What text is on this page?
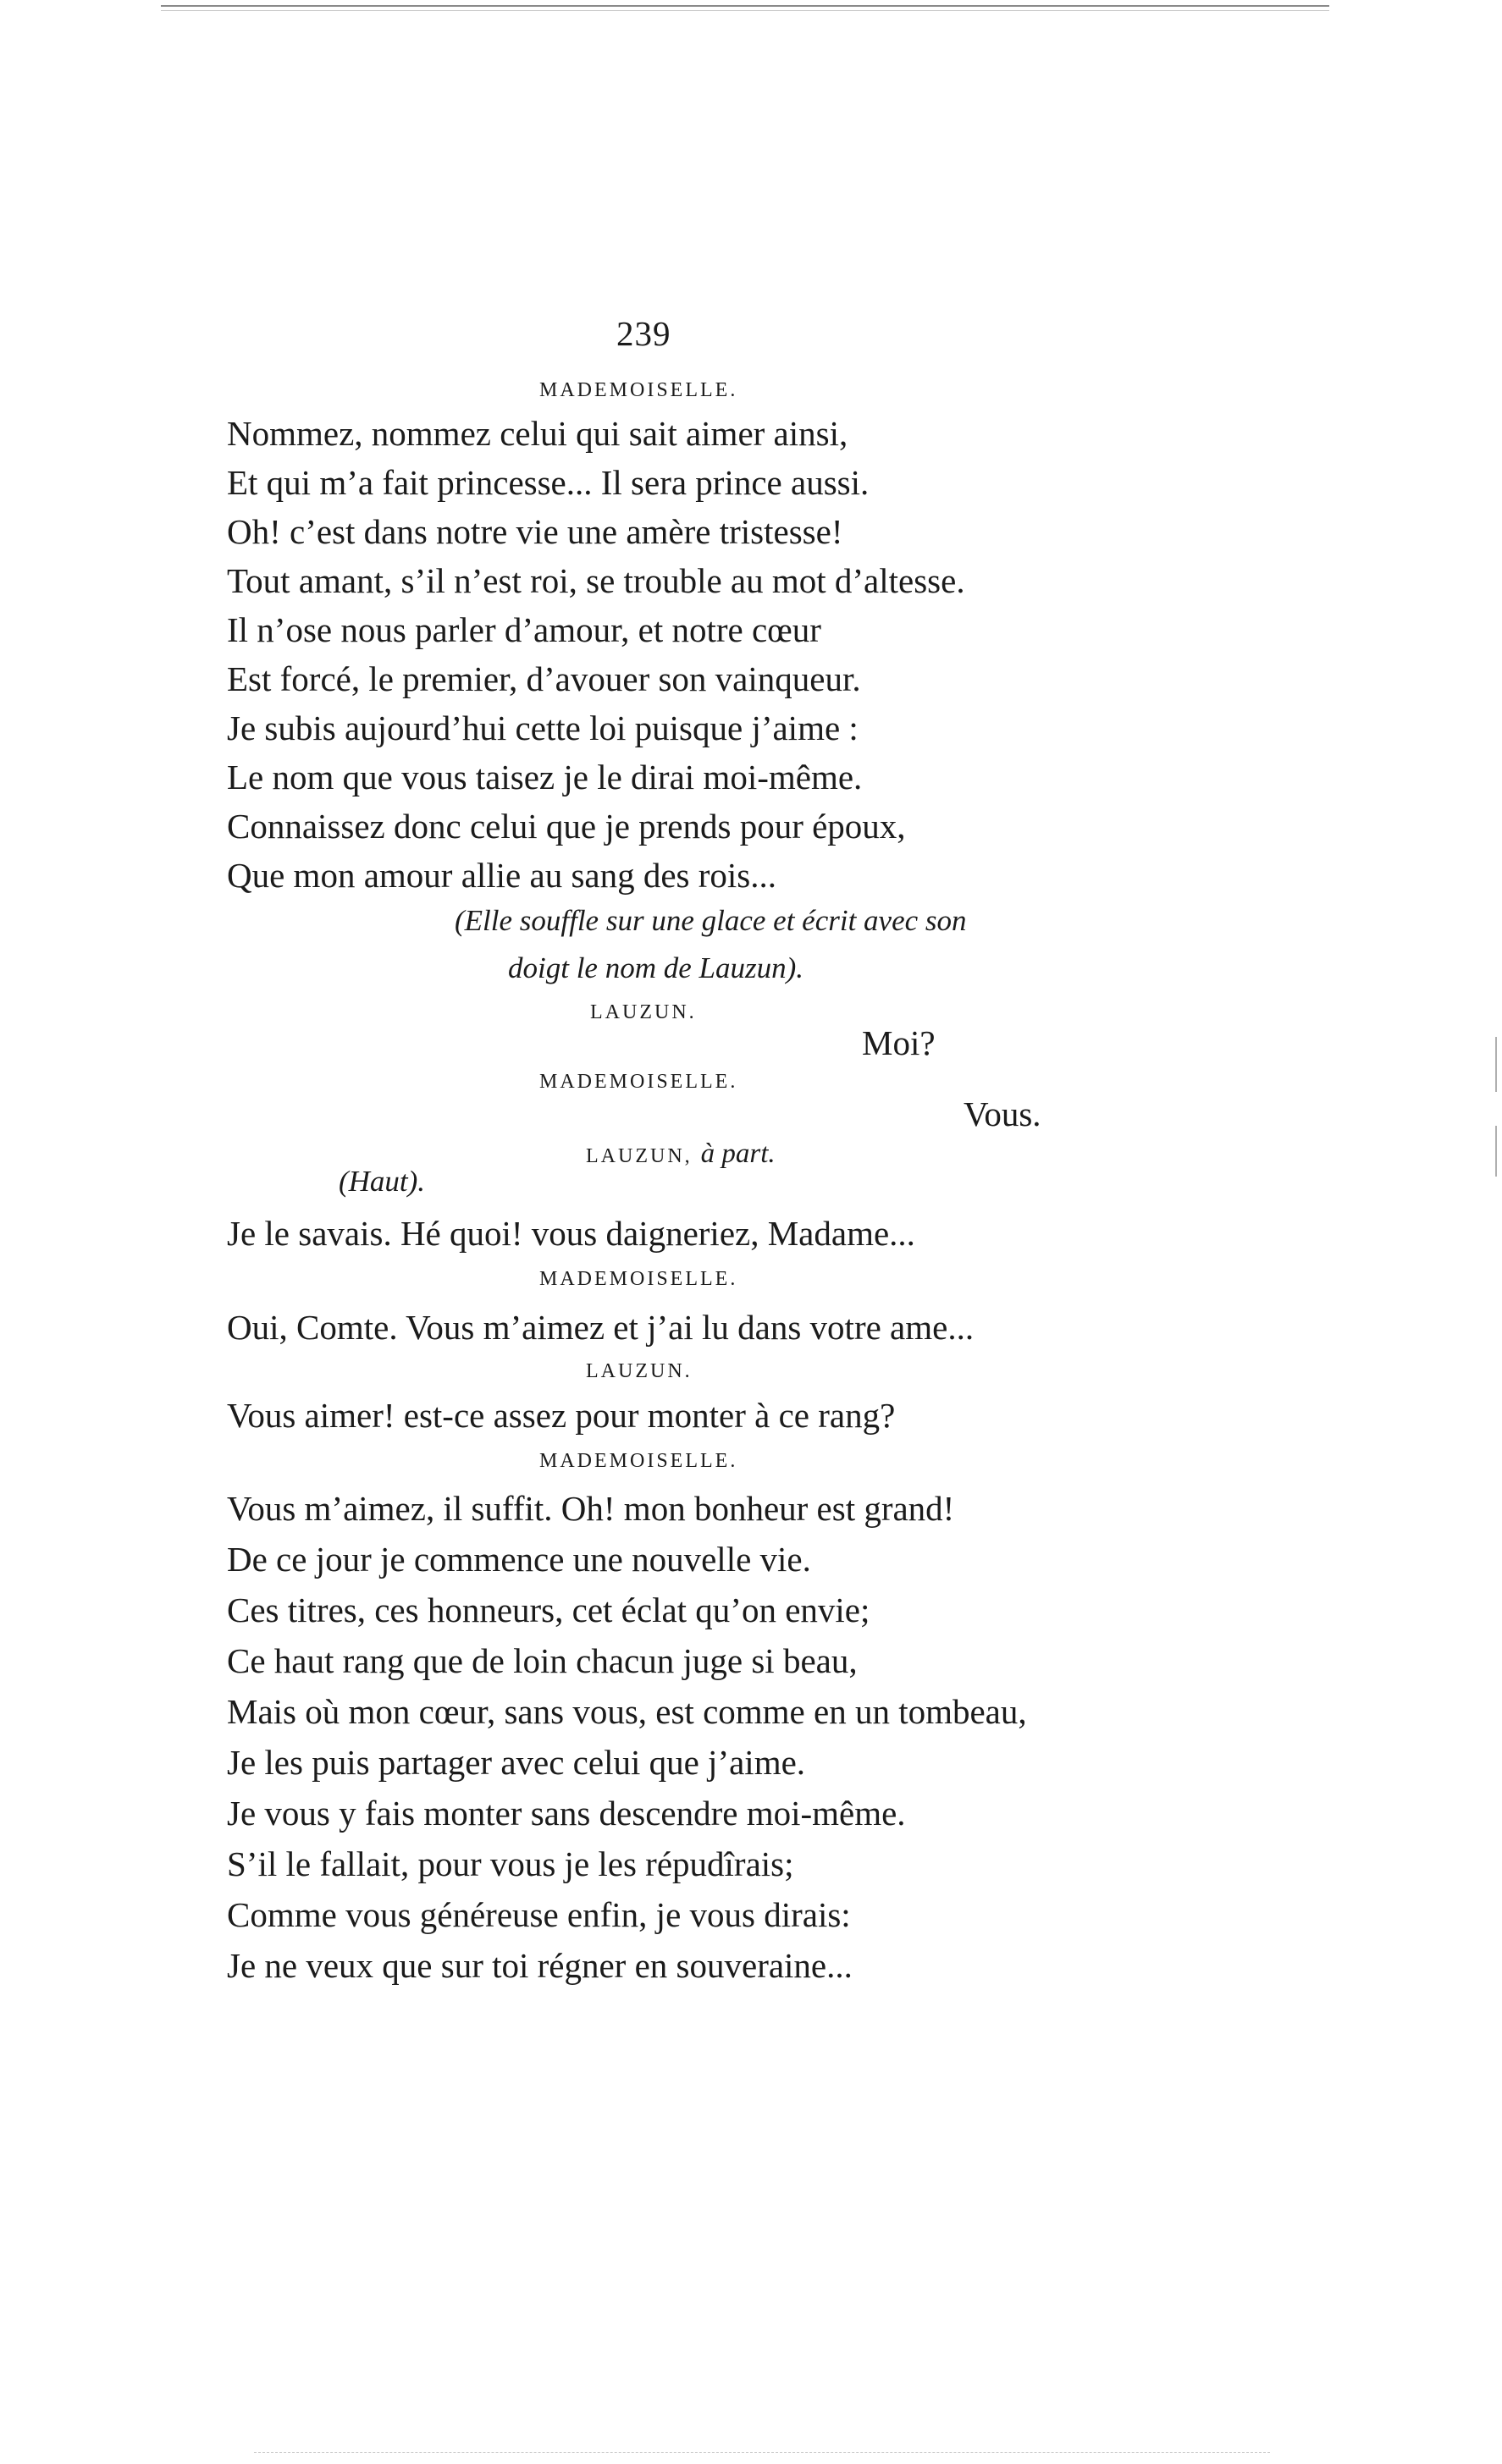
239
MADEMOISELLE.
Nommez, nommez celui qui sait aimer ainsi,
Et qui m’a fait princesse... Il sera prince aussi.
Oh! c’est dans notre vie une amère tristesse!
Tout amant, s’il n’est roi, se trouble au mot d’altesse.
Il n’ose nous parler d’amour, et notre cœur
Est forcé, le premier, d’avouer son vainqueur.
Je subis aujourd’hui cette loi puisque j’aime :
Le nom que vous taisez je le dirai moi-même.
Connaissez donc celui que je prends pour époux,
Que mon amour allie au sang des rois...
(Elle souffle sur une glace et écrit avec son
doigt le nom de Lauzun).
LAUZUN.
Moi?
MADEMOISELLE.
Vous.
LAUZUN, à part.
(Haut).
Je le savais. Hé quoi! vous daigneriez, Madame...
MADEMOISELLE.
Oui, Comte. Vous m’aimez et j’ai lu dans votre ame...
LAUZUN.
Vous aimer! est-ce assez pour monter à ce rang?
MADEMOISELLE.
Vous m’aimez, il suffit. Oh! mon bonheur est grand!
De ce jour je commence une nouvelle vie.
Ces titres, ces honneurs, cet éclat qu’on envie;
Ce haut rang que de loin chacun juge si beau,
Mais où mon cœur, sans vous, est comme en un tombeau,
Je les puis partager avec celui que j’aime.
Je vous y fais monter sans descendre moi-même.
S’il le fallait, pour vous je les répudîrais;
Comme vous généreuse enfin, je vous dirais:
Je ne veux que sur toi régner en souveraine...
